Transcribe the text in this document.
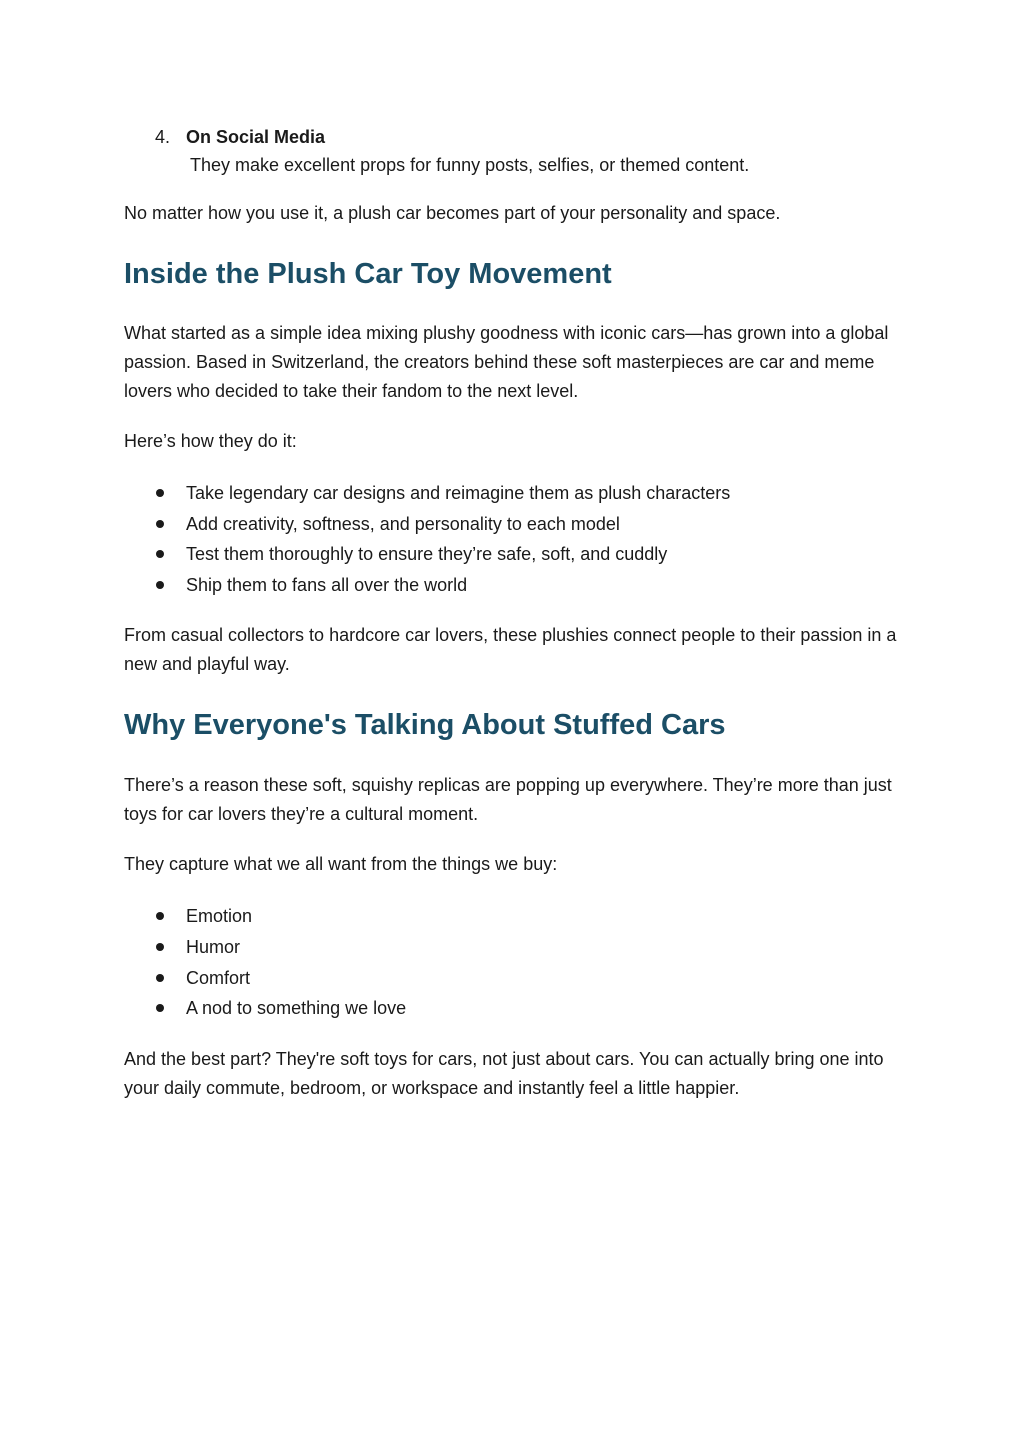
4. On Social Media
They make excellent props for funny posts, selfies, or themed content.

No matter how you use it, a plush car becomes part of your personality and space.

Inside the Plush Car Toy Movement

What started as a simple idea mixing plushy goodness with iconic cars—has grown into a global passion. Based in Switzerland, the creators behind these soft masterpieces are car and meme lovers who decided to take their fandom to the next level.

Here’s how they do it:

Take legendary car designs and reimagine them as plush characters
Add creativity, softness, and personality to each model
Test them thoroughly to ensure they’re safe, soft, and cuddly
Ship them to fans all over the world

From casual collectors to hardcore car lovers, these plushies connect people to their passion in a new and playful way.

Why Everyone's Talking About Stuffed Cars

There’s a reason these soft, squishy replicas are popping up everywhere. They’re more than just toys for car lovers they’re a cultural moment.

They capture what we all want from the things we buy:

Emotion
Humor
Comfort
A nod to something we love

And the best part? They're soft toys for cars, not just about cars. You can actually bring one into your daily commute, bedroom, or workspace and instantly feel a little happier.
